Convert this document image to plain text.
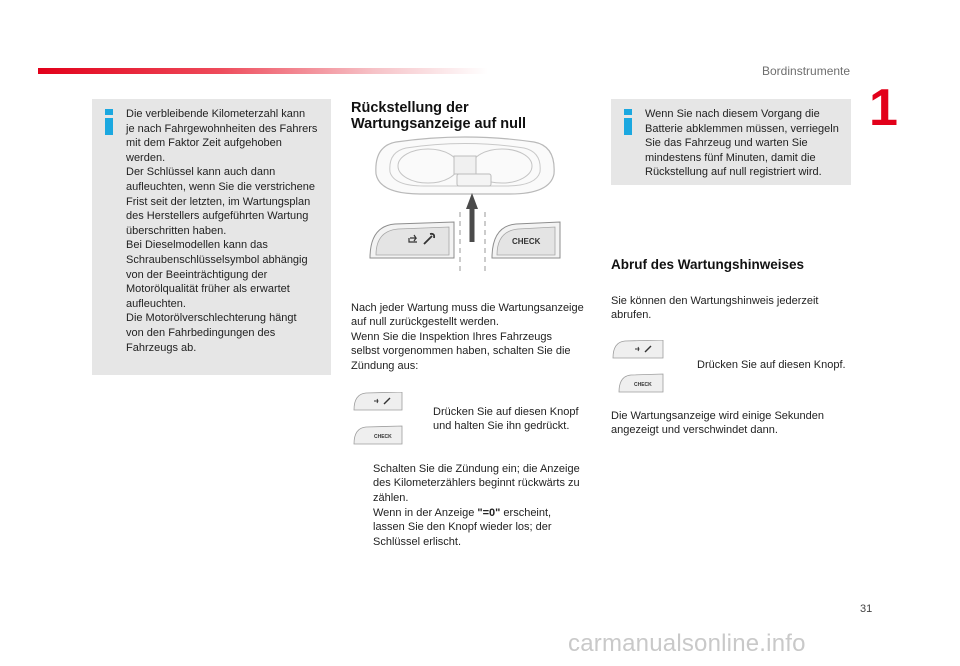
Bordinstrumente
1
Die verbleibende Kilometerzahl kann
je nach Fahrgewohnheiten des Fahrers
mit dem Faktor Zeit aufgehoben
werden.
Der Schlüssel kann auch dann
aufleuchten, wenn Sie die verstrichene
Frist seit der letzten, im Wartungsplan
des Herstellers aufgeführten Wartung
überschritten haben.
Bei Dieselmodellen kann das
Schraubenschlüsselsymbol abhängig
von der Beeinträchtigung der
Motorölqualität früher als erwartet
aufleuchten.
Die Motorölverschlechterung hängt
von den Fahrbedingungen des
Fahrzeugs ab.
Rückstellung der
Wartungsanzeige auf null
CHECK
Nach jeder Wartung muss die Wartungsanzeige
auf null zurückgestellt werden.
Wenn Sie die Inspektion Ihres Fahrzeugs
selbst vorgenommen haben, schalten Sie die
Zündung aus:
CHECK
Drücken Sie auf diesen Knopf
und halten Sie ihn gedrückt.
Schalten Sie die Zündung ein; die Anzeige
des Kilometerzählers beginnt rückwärts zu
zählen.
Wenn in der Anzeige "=0" erscheint,
lassen Sie den Knopf wieder los; der
Schlüssel erlischt.
Wenn Sie nach diesem Vorgang die
Batterie abklemmen müssen, verriegeln
Sie das Fahrzeug und warten Sie
mindestens fünf Minuten, damit die
Rückstellung auf null registriert wird.
Abruf des Wartungshinweises
Sie können den Wartungshinweis jederzeit
abrufen.
CHECK
Drücken Sie auf diesen Knopf.
Die Wartungsanzeige wird einige Sekunden
angezeigt und verschwindet dann.
31
carmanualsonline.info
